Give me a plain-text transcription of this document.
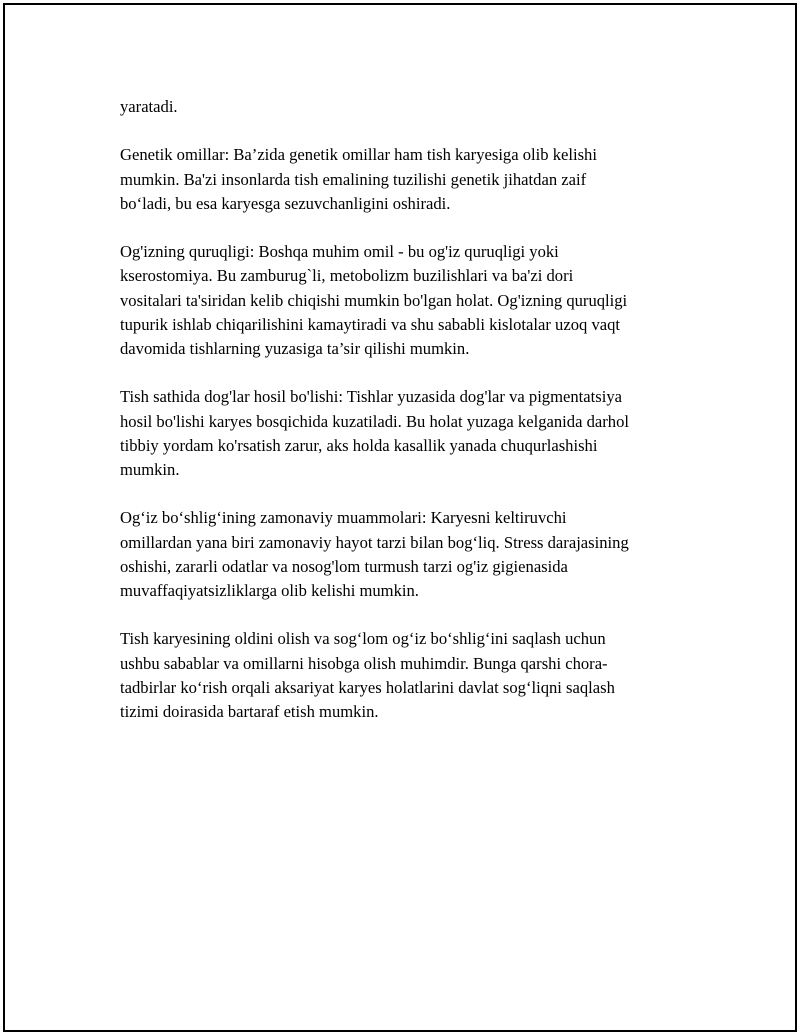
yaratadi.

Genetik omillar: Ba’zida genetik omillar ham tish karyesiga olib kelishi
mumkin. Ba'zi insonlarda tish emalining tuzilishi genetik jihatdan zaif
bo‘ladi, bu esa karyesga sezuvchanligini oshiradi.

Og'izning quruqligi: Boshqa muhim omil - bu og'iz quruqligi yoki
kserostomiya. Bu zamburug`li, metobolizm buzilishlari va ba'zi dori
vositalari ta'siridan kelib chiqishi mumkin bo'lgan holat. Og'izning quruqligi
tupurik ishlab chiqarilishini kamaytiradi va shu sababli kislotalar uzoq vaqt
davomida tishlarning yuzasiga ta’sir qilishi mumkin.

Tish sathida dog'lar hosil bo'lishi: Tishlar yuzasida dog'lar va pigmentatsiya
hosil bo'lishi karyes bosqichida kuzatiladi. Bu holat yuzaga kelganida darhol
tibbiy yordam ko'rsatish zarur, aks holda kasallik yanada chuqurlashishi
mumkin.

Og‘iz bo‘shlig‘ining zamonaviy muammolari: Karyesni keltiruvchi
omillardan yana biri zamonaviy hayot tarzi bilan bog‘liq. Stress darajasining
oshishi, zararli odatlar va nosog'lom turmush tarzi og'iz gigienasida
muvaffaqiyatsizliklarga olib kelishi mumkin.

Tish karyesining oldini olish va sog‘lom og‘iz bo‘shlig‘ini saqlash uchun
ushbu sabablar va omillarni hisobga olish muhimdir. Bunga qarshi chora-
tadbirlar ko‘rish orqali aksariyat karyes holatlarini davlat sog‘liqni saqlash
tizimi doirasida bartaraf etish mumkin.
